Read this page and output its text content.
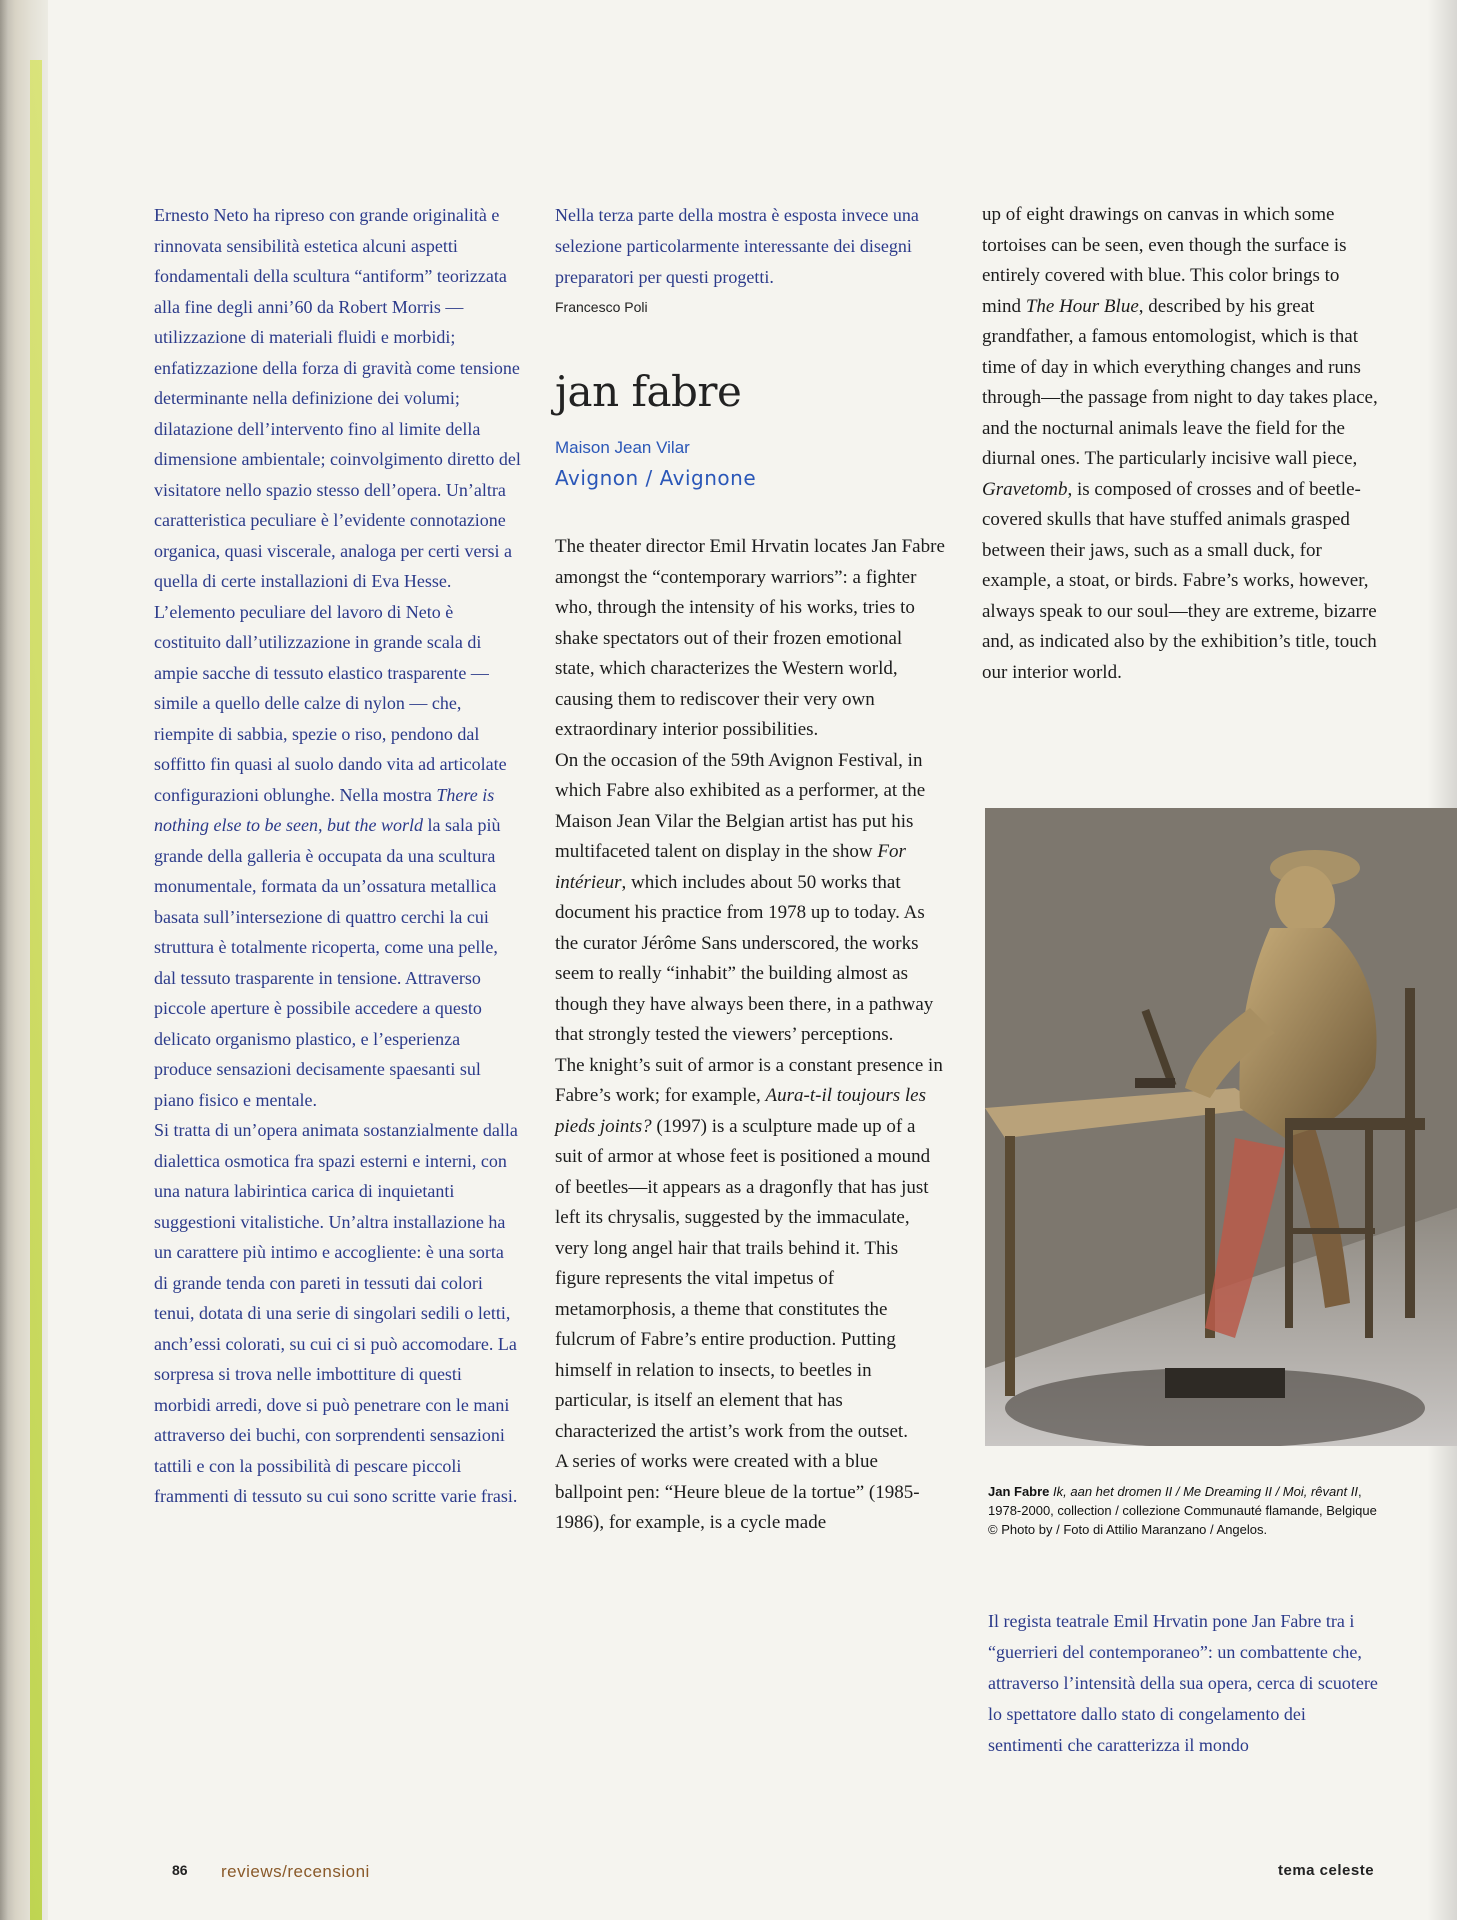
Ernesto Neto ha ripreso con grande originalità e rinnovata sensibilità estetica alcuni aspetti fondamentali della scultura “antiform” teorizzata alla fine degli anni’60 da Robert Morris — utilizzazione di materiali fluidi e morbidi; enfatizzazione della forza di gravità come tensione determinante nella definizione dei volumi; dilatazione dell’intervento fino al limite della dimensione ambientale; coinvolgimento diretto del visitatore nello spazio stesso dell’opera. Un’altra caratteristica peculiare è l’evidente connotazione organica, quasi viscerale, analoga per certi versi a quella di certe installazioni di Eva Hesse.

L’elemento peculiare del lavoro di Neto è costituito dall’utilizzazione in grande scala di ampie sacche di tessuto elastico trasparente — simile a quello delle calze di nylon — che, riempite di sabbia, spezie o riso, pendono dal soffitto fin quasi al suolo dando vita ad articolate configurazioni oblunghe. Nella mostra There is nothing else to be seen, but the world la sala più grande della galleria è occupata da una scultura monumentale, formata da un’ossatura metallica basata sull’intersezione di quattro cerchi la cui struttura è totalmente ricoperta, come una pelle, dal tessuto trasparente in tensione. Attraverso piccole aperture è possibile accedere a questo delicato organismo plastico, e l’esperienza produce sensazioni decisamente spaesanti sul piano fisico e mentale.

Si tratta di un’opera animata sostanzialmente dalla dialettica osmotica fra spazi esterni e interni, con una natura labirintica carica di inquietanti suggestioni vitalistiche. Un’altra installazione ha un carattere più intimo e accogliente: è una sorta di grande tenda con pareti in tessuti dai colori tenui, dotata di una serie di singolari sedili o letti, anch’essi colorati, su cui ci si può accomodare. La sorpresa si trova nelle imbottiture di questi morbidi arredi, dove si può penetrare con le mani attraverso dei buchi, con sorprendenti sensazioni tattili e con la possibilità di pescare piccoli frammenti di tessuto su cui sono scritte varie frasi.

Nella terza parte della mostra è esposta invece una selezione particolarmente interessante dei disegni preparatori per questi progetti.

Francesco Poli

jan fabre

Maison Jean Vilar

Avignon / Avignone

The theater director Emil Hrvatin locates Jan Fabre amongst the “contemporary warriors”: a fighter who, through the intensity of his works, tries to shake spectators out of their frozen emotional state, which characterizes the Western world, causing them to rediscover their very own extraordinary interior possibilities.

On the occasion of the 59th Avignon Festival, in which Fabre also exhibited as a performer, at the Maison Jean Vilar the Belgian artist has put his multifaceted talent on display in the show For intérieur, which includes about 50 works that document his practice from 1978 up to today. As the curator Jérôme Sans underscored, the works seem to really “inhabit” the building almost as though they have always been there, in a pathway that strongly tested the viewers’ perceptions.

The knight’s suit of armor is a constant presence in Fabre’s work; for example, Aura-t-il toujours les pieds joints? (1997) is a sculpture made up of a suit of armor at whose feet is positioned a mound of beetles—it appears as a dragonfly that has just left its chrysalis, suggested by the immaculate, very long angel hair that trails behind it. This figure represents the vital impetus of metamorphosis, a theme that constitutes the fulcrum of Fabre’s entire production. Putting himself in relation to insects, to beetles in particular, is itself an element that has characterized the artist’s work from the outset.

A series of works were created with a blue ballpoint pen: “Heure bleue de la tortue” (1985-1986), for example, is a cycle made

up of eight drawings on canvas in which some tortoises can be seen, even though the surface is entirely covered with blue. This color brings to mind The Hour Blue, described by his great grandfather, a famous entomologist, which is that time of day in which everything changes and runs through—the passage from night to day takes place, and the nocturnal animals leave the field for the diurnal ones. The particularly incisive wall piece, Gravetomb, is composed of crosses and of beetle-covered skulls that have stuffed animals grasped between their jaws, such as a small duck, for example, a stoat, or birds. Fabre’s works, however, always speak to our soul—they are extreme, bizarre and, as indicated also by the exhibition’s title, touch our interior world.

Jan Fabre Ik, aan het dromen II / Me Dreaming II / Moi, rêvant II, 1978-2000, collection / collezione Communauté flamande, Belgique © Photo by / Foto di Attilio Maranzano / Angelos.

Il regista teatrale Emil Hrvatin pone Jan Fabre tra i “guerrieri del contemporaneo”: un combattente che, attraverso l’intensità della sua opera, cerca di scuotere lo spettatore dallo stato di congelamento dei sentimenti che caratterizza il mondo

86 reviews/recensioni	tema celeste
